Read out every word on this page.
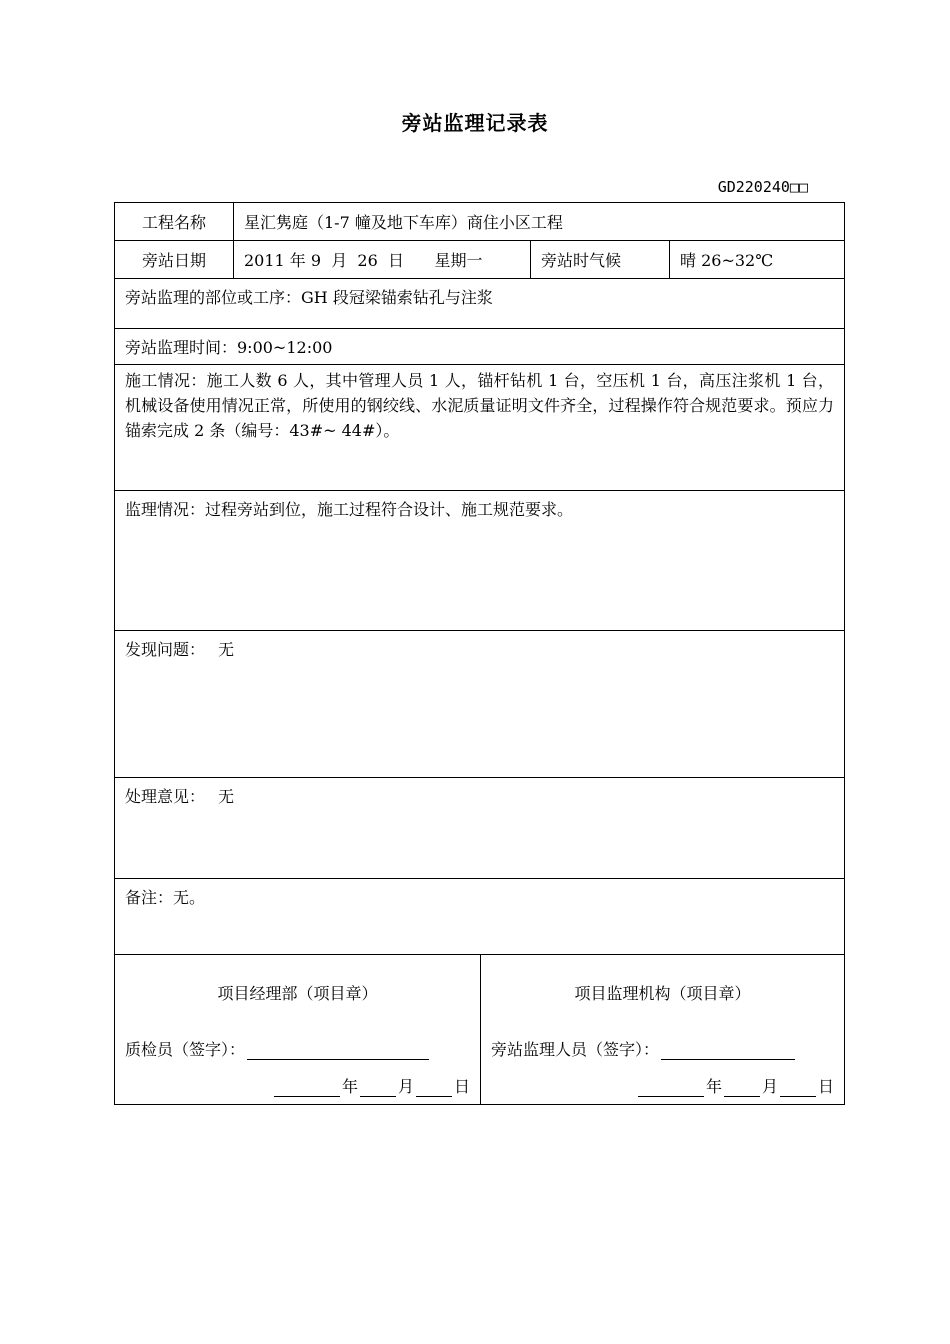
旁站监理记录表
GD220240□□
工程名称	星汇隽庭（1-7 幢及地下车库）商住小区工程
旁站日期	2011 年 9  月  26  日      星期一	旁站时气候	晴 26~32℃
旁站监理的部位或工序：GH 段冠梁锚索钻孔与注浆
旁站监理时间：9:00~12:00
施工情况：施工人数 6 人，其中管理人员 1 人，锚杆钻机 1 台，空压机 1 台，高压注浆机 1 台，机械设备使用情况正常，所使用的钢绞线、水泥质量证明文件齐全，过程操作符合规范要求。预应力锚索完成 2 条（编号：43#~ 44#）。
监理情况：过程旁站到位，施工过程符合设计、施工规范要求。
发现问题： 无
处理意见： 无
备注：无。
项目经理部（项目章）
质检员（签字）：
年	月	日
项目监理机构（项目章）
旁站监理人员（签字）：
年	月	日
